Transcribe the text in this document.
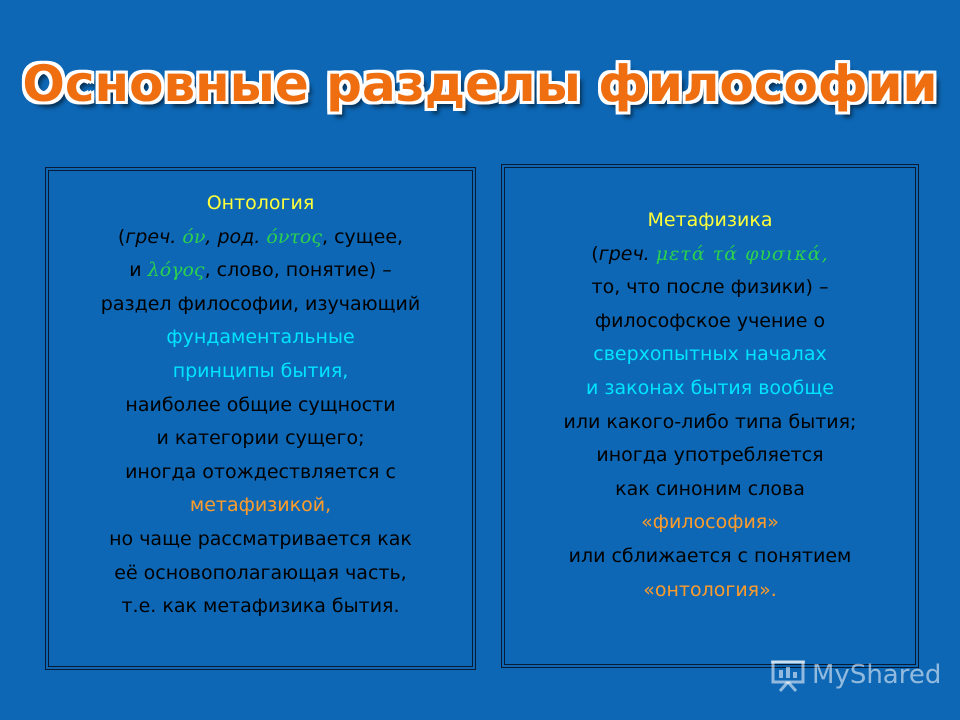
Основные разделы философии
Онтология
(греч. όν, род. όντος, сущее,
и λόγος, слово, понятие) –
раздел философии, изучающий
фундаментальные
принципы бытия,
наиболее общие сущности
и категории сущего;
иногда отождествляется с
метафизикой,
но чаще рассматривается как
её основополагающая часть,
т.е. как метафизика бытия.
Метафизика
(греч. μετά τά φυσικά,
то, что после физики) –
философское учение о
сверхопытных началах
и законах бытия вообще
или какого-либо типа бытия;
иногда употребляется
как синоним слова
«философия»
или сближается с понятием
«онтология».
MyShared
